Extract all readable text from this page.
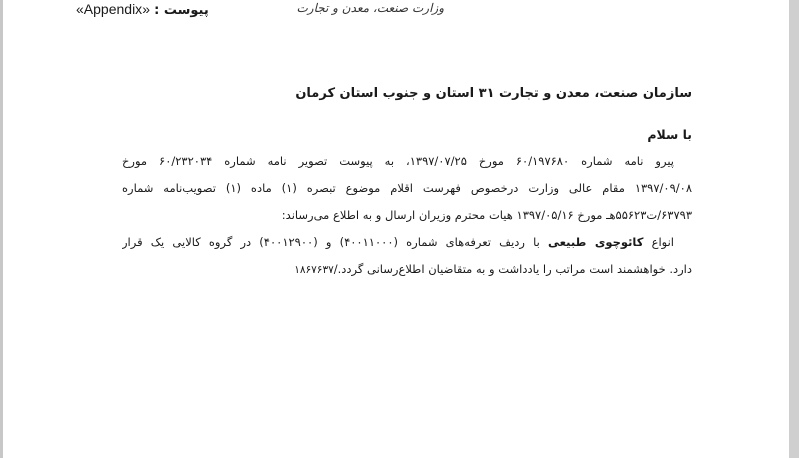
پیوست : «Appendix»	وزارت صنعت، معدن و تجارت
سازمان صنعت، معدن و تجارت ۳۱ استان و جنوب استان کرمان
با سلام
پیرو نامه شماره ۶۰/۱۹۷۶۸۰ مورخ ۱۳۹۷/۰۷/۲۵، به پیوست تصویر نامه شماره ۶۰/۲۳۲۰۳۴ مورخ
۱۳۹۷/۰۹/۰۸ مقام عالی وزارت درخصوص فهرست اقلام موضوع تبصره (۱) ماده (۱) تصویب‌نامه شماره
۶۳۷۹۳/ت۵۵۶۲۳هـ مورخ ۱۳۹۷/۰۵/۱۶ هیات محترم وزیران ارسال و به اطلاع می‌رساند:
انواع کائوچوی طبیعی با ردیف تعرفه‌های شماره (۴۰۰۱۱۰۰۰) و (۴۰۰۱۲۹۰۰) در گروه کالایی یک قرار
دارد. خواهشمند است مراتب را یادداشت و به متقاضیان اطلاع‌رسانی گردد./۱۸۶۷۶۳۷
